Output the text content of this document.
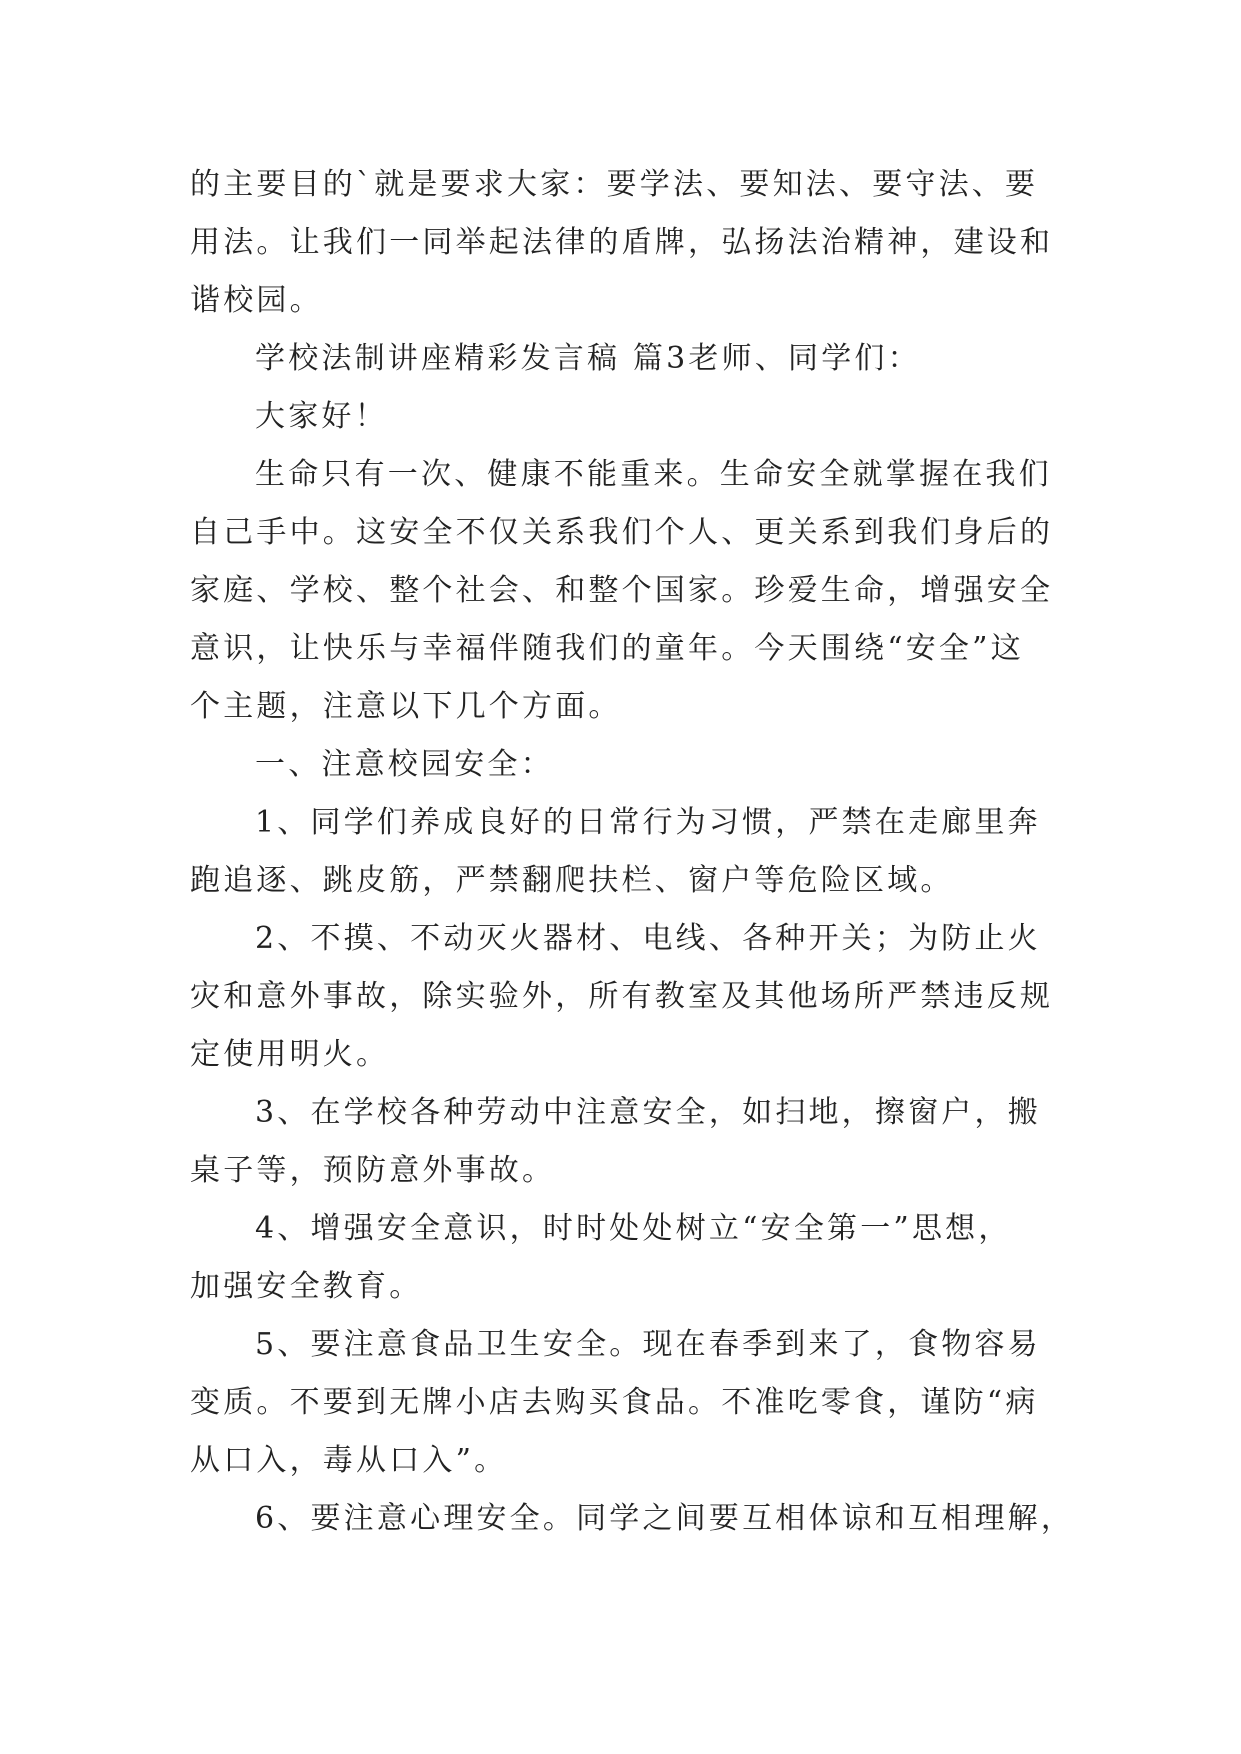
的主要目的`就是要求大家：要学法、要知法、要守法、要
用法。让我们一同举起法律的盾牌，弘扬法治精神，建设和
谐校园。
学校法制讲座精彩发言稿 篇3老师、同学们：
大家好！
生命只有一次、健康不能重来。生命安全就掌握在我们
自己手中。这安全不仅关系我们个人、更关系到我们身后的
家庭、学校、整个社会、和整个国家。珍爱生命，增强安全
意识，让快乐与幸福伴随我们的童年。今天围绕“安全”这
个主题，注意以下几个方面。
一、注意校园安全：
1、同学们养成良好的日常行为习惯，严禁在走廊里奔
跑追逐、跳皮筋，严禁翻爬扶栏、窗户等危险区域。
2、不摸、不动灭火器材、电线、各种开关；为防止火
灾和意外事故，除实验外，所有教室及其他场所严禁违反规
定使用明火。
3、在学校各种劳动中注意安全，如扫地，擦窗户，搬
桌子等，预防意外事故。
4、增强安全意识，时时处处树立“安全第一”思想，
加强安全教育。
5、要注意食品卫生安全。现在春季到来了，食物容易
变质。不要到无牌小店去购买食品。不准吃零食，谨防“病
从口入，毒从口入”。
6、要注意心理安全。同学之间要互相体谅和互相理解，
